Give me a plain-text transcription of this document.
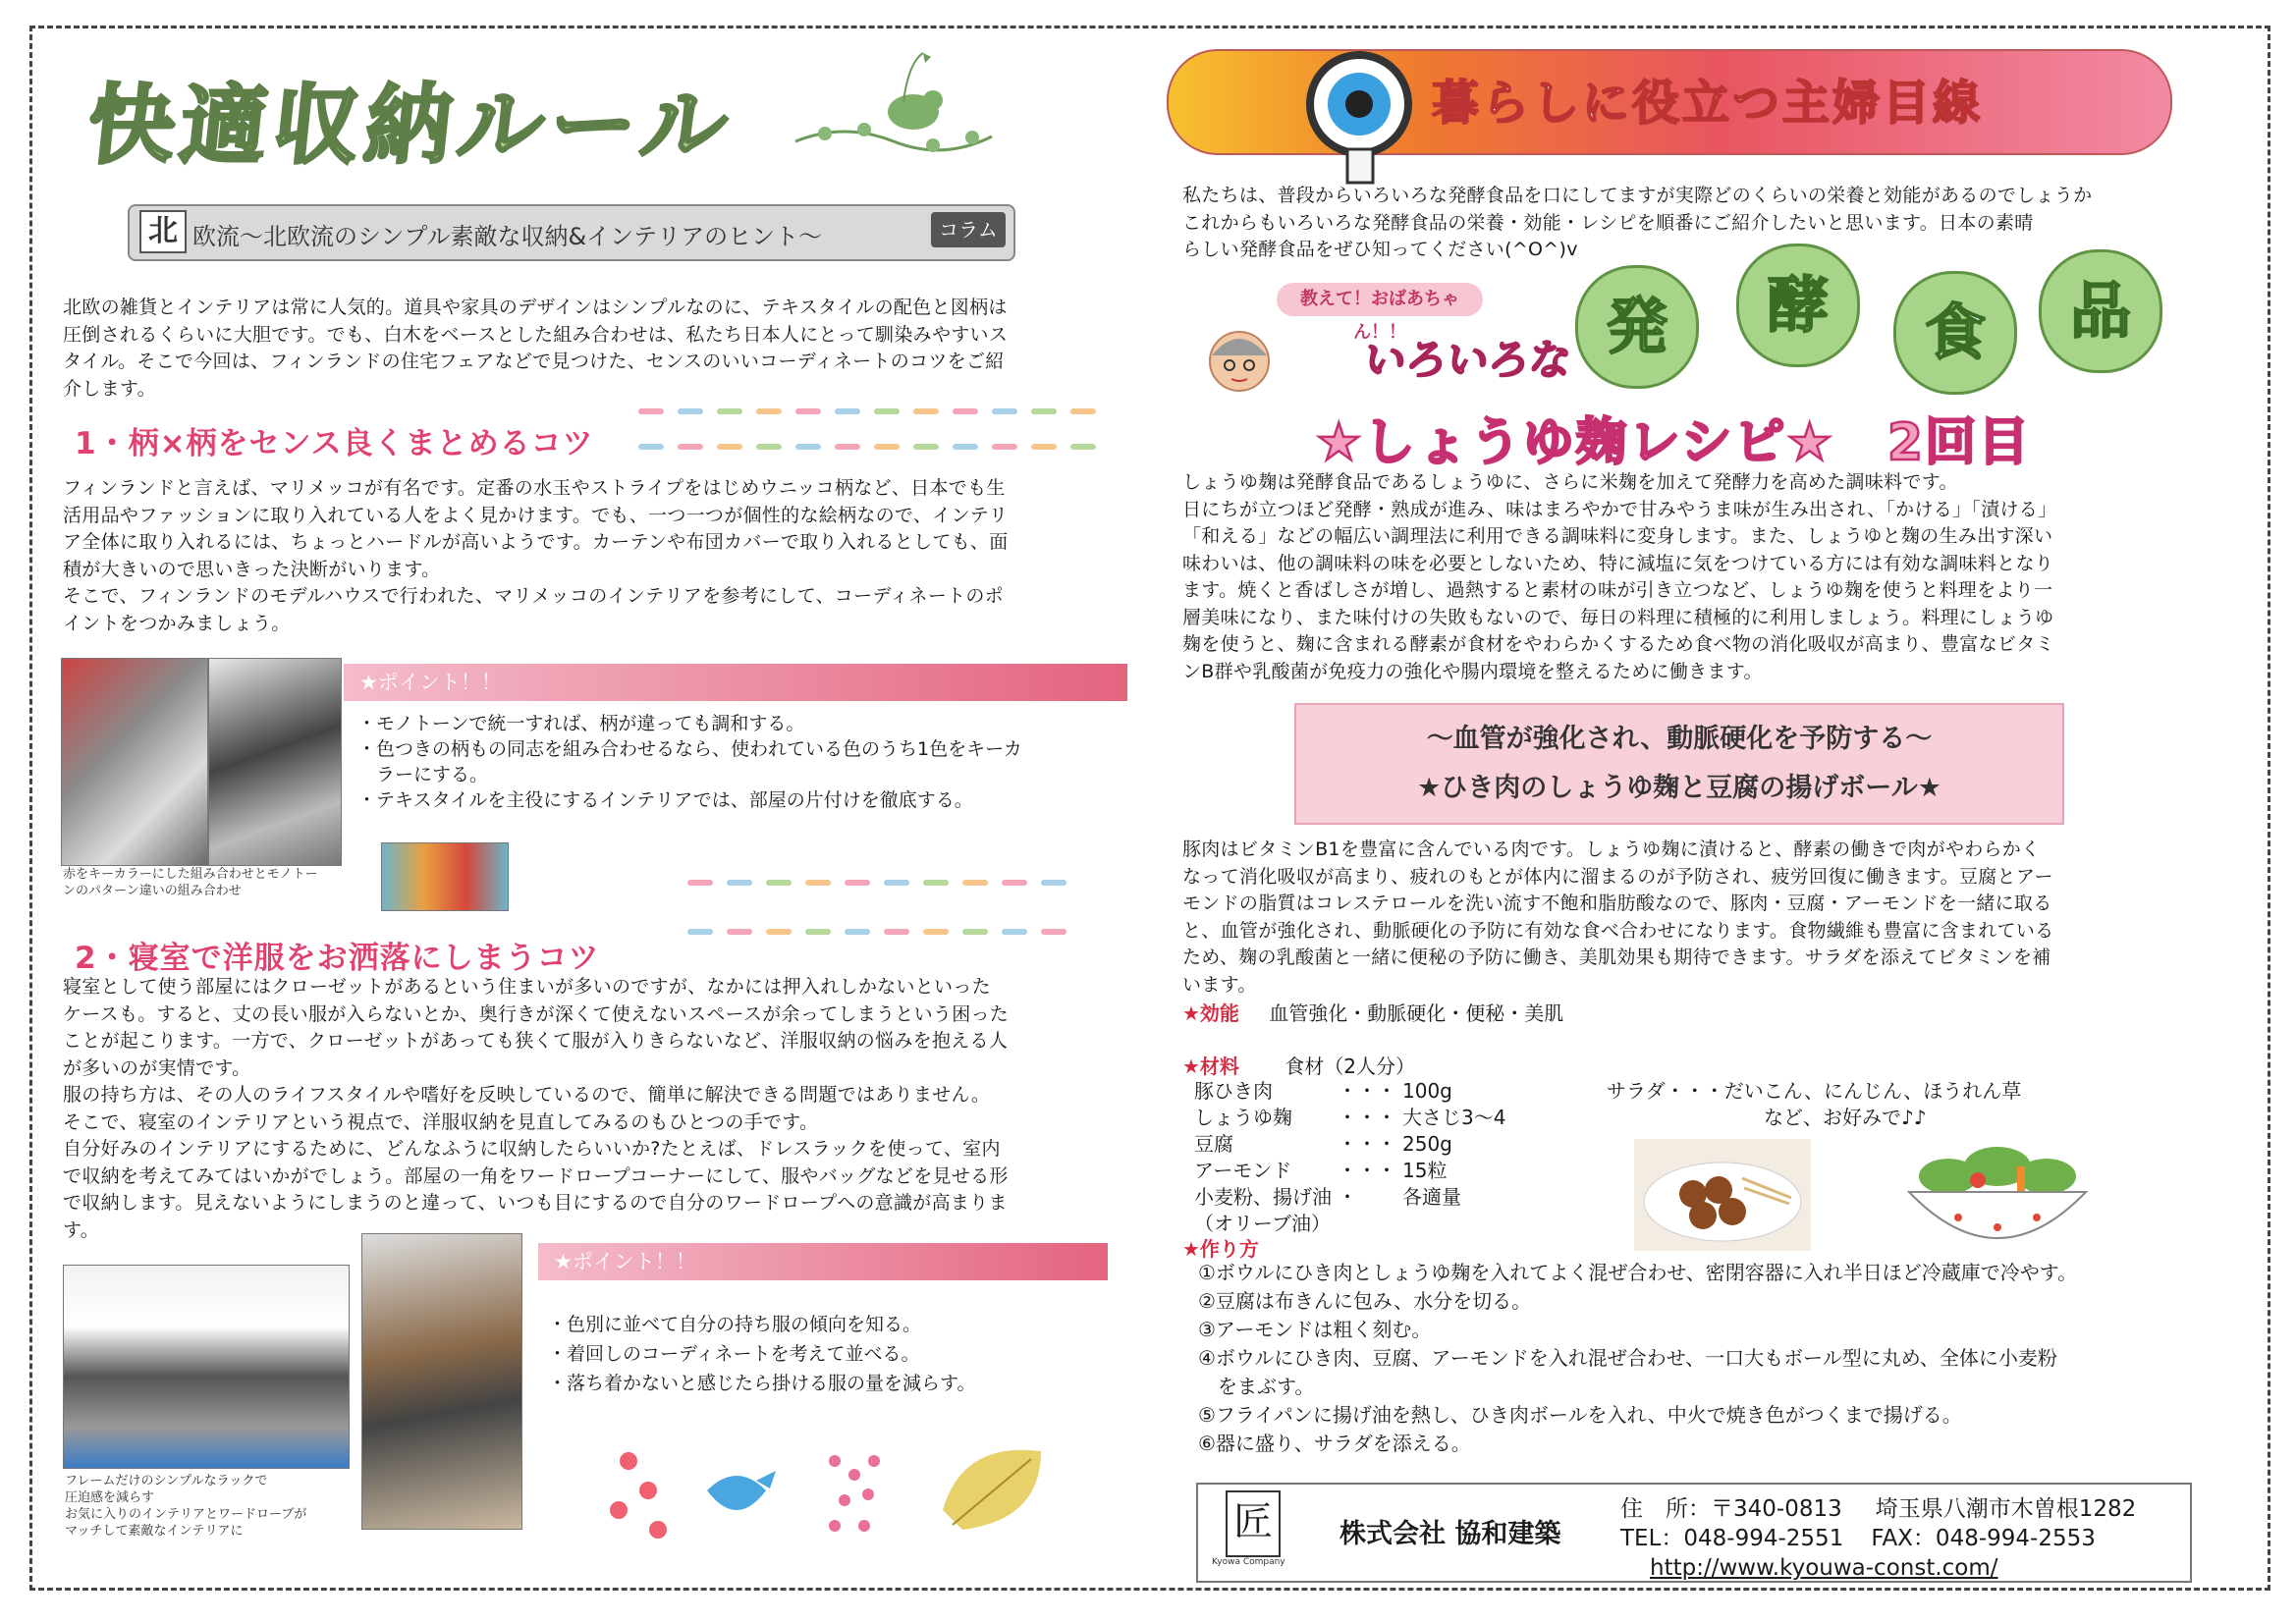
快適収納ルール
北 欧流～北欧流のシンプル素敵な収納&インテリアのヒント～	コラム
北欧の雑貨とインテリアは常に人気的。道具や家具のデザインはシンプルなのに、テキスタイルの配色と図柄は
圧倒されるくらいに大胆です。でも、白木をベースとした組み合わせは、私たち日本人にとって馴染みやすいス
タイル。そこで今回は、フィンランドの住宅フェアなどで見つけた、センスのいいコーディネートのコツをご紹
介します。
1・柄×柄をセンス良くまとめるコツ
フィンランドと言えば、マリメッコが有名です。定番の水玉やストライプをはじめウニッコ柄など、日本でも生
活用品やファッションに取り入れている人をよく見かけます。でも、一つ一つが個性的な絵柄なので、インテリ
ア全体に取り入れるには、ちょっとハードルが高いようです。カーテンや布団カバーで取り入れるとしても、面
積が大きいので思いきった決断がいります。
そこで、フィンランドのモデルハウスで行われた、マリメッコのインテリアを参考にして、コーディネートのポ
イントをつかみましょう。
赤をキーカラーにした組み合わせとモノトー
ンのパターン違いの組み合わせ
★ポイント！！
・モノトーンで統一すれば、柄が違っても調和する。
・色つきの柄もの同志を組み合わせるなら、使われている色のうち1色をキーカ
　ラーにする。
・テキスタイルを主役にするインテリアでは、部屋の片付けを徹底する。
2・寝室で洋服をお洒落にしまうコツ
寝室として使う部屋にはクローゼットがあるという住まいが多いのですが、なかには押入れしかないといった
ケースも。すると、丈の長い服が入らないとか、奥行きが深くて使えないスペースが余ってしまうという困った
ことが起こります。一方で、クローゼットがあっても狭くて服が入りきらないなど、洋服収納の悩みを抱える人
が多いのが実情です。
服の持ち方は、その人のライフスタイルや嗜好を反映しているので、簡単に解決できる問題ではありません。
そこで、寝室のインテリアという視点で、洋服収納を見直してみるのもひとつの手です。
自分好みのインテリアにするために、どんなふうに収納したらいいか?たとえば、ドレスラックを使って、室内
で収納を考えてみてはいかがでしょう。部屋の一角をワードロープコーナーにして、服やバッグなどを見せる形
で収納します。見えないようにしまうのと違って、いつも目にするので自分のワードロープへの意識が高まりま
す。
フレームだけのシンプルなラックで
圧迫感を減らす
お気に入りのインテリアとワードローブが
マッチして素敵なインテリアに
★ポイント！！
・色別に並べて自分の持ち服の傾向を知る。
・着回しのコーディネートを考えて並べる。
・落ち着かないと感じたら掛ける服の量を減らす。
暮らしに役立つ主婦目線
私たちは、普段からいろいろな発酵食品を口にしてますが実際どのくらいの栄養と効能があるのでしょうか
これからもいろいろな発酵食品の栄養・効能・レシピを順番にご紹介したいと思います。日本の素晴
らしい発酵食品をぜひ知ってください(^O^)v
教えて！おばあちゃん！！
いろいろな 発	酵	食	品
★しょうゆ麹レシピ★　2回目
しょうゆ麹は発酵食品であるしょうゆに、さらに米麹を加えて発酵力を高めた調味料です。
日にちが立つほど発酵・熟成が進み、味はまろやかで甘みやうま味が生み出され、「かける」「漬ける」
「和える」などの幅広い調理法に利用できる調味料に変身します。また、しょうゆと麹の生み出す深い
味わいは、他の調味料の味を必要としないため、特に減塩に気をつけている方には有効な調味料となり
ます。焼くと香ばしさが増し、過熱すると素材の味が引き立つなど、しょうゆ麹を使うと料理をより一
層美味になり、また味付けの失敗もないので、毎日の料理に積極的に利用しましょう。料理にしょうゆ
麹を使うと、麹に含まれる酵素が食材をやわらかくするため食べ物の消化吸収が高まり、豊富なビタミ
ンB群や乳酸菌が免疫力の強化や腸内環境を整えるために働きます。
～血管が強化され、動脈硬化を予防する～
★ひき肉のしょうゆ麹と豆腐の揚げボール★
豚肉はビタミンB1を豊富に含んでいる肉です。しょうゆ麹に漬けると、酵素の働きで肉がやわらかく
なって消化吸収が高まり、疲れのもとが体内に溜まるのが予防され、疲労回復に働きます。豆腐とアー
モンドの脂質はコレステロールを洗い流す不飽和脂肪酸なので、豚肉・豆腐・アーモンドを一緒に取る
と、血管が強化され、動脈硬化の予防に有効な食べ合わせになります。食物繊維も豊富に含まれている
ため、麹の乳酸菌と一緒に便秘の予防に働き、美肌効果も期待できます。サラダを添えてビタミンを補
います。
★効能 血管強化・動脈硬化・便秘・美肌
★材料 食材（2人分）
豚ひき肉	・・・	100g
しょうゆ麹	・・・	大さじ3～4
豆腐	・・・	250g
アーモンド	・・・	15粒
小麦粉、揚げ油	・	各適量
（オリーブ油）		
サラダ・・・だいこん、にんじん、ほうれん草
など、お好みで♪♪
★作り方
①ボウルにひき肉としょうゆ麹を入れてよく混ぜ合わせ、密閉容器に入れ半日ほど冷蔵庫で冷やす。
②豆腐は布きんに包み、水分を切る。
③アーモンドは粗く刻む。
④ボウルにひき肉、豆腐、アーモンドを入れ混ぜ合わせ、一口大もボール型に丸め、全体に小麦粉
　をまぶす。
⑤フライパンに揚げ油を熱し、ひき肉ボールを入れ、中火で焼き色がつくまで揚げる。
⑥器に盛り、サラダを添える。
匠
Kyowa Company
株式会社 協和建築
住　所：〒340-0813 埼玉県八潮市木曽根1282
TEL：048-994-2551 FAX：048-994-2553
http://www.kyouwa-const.com/
